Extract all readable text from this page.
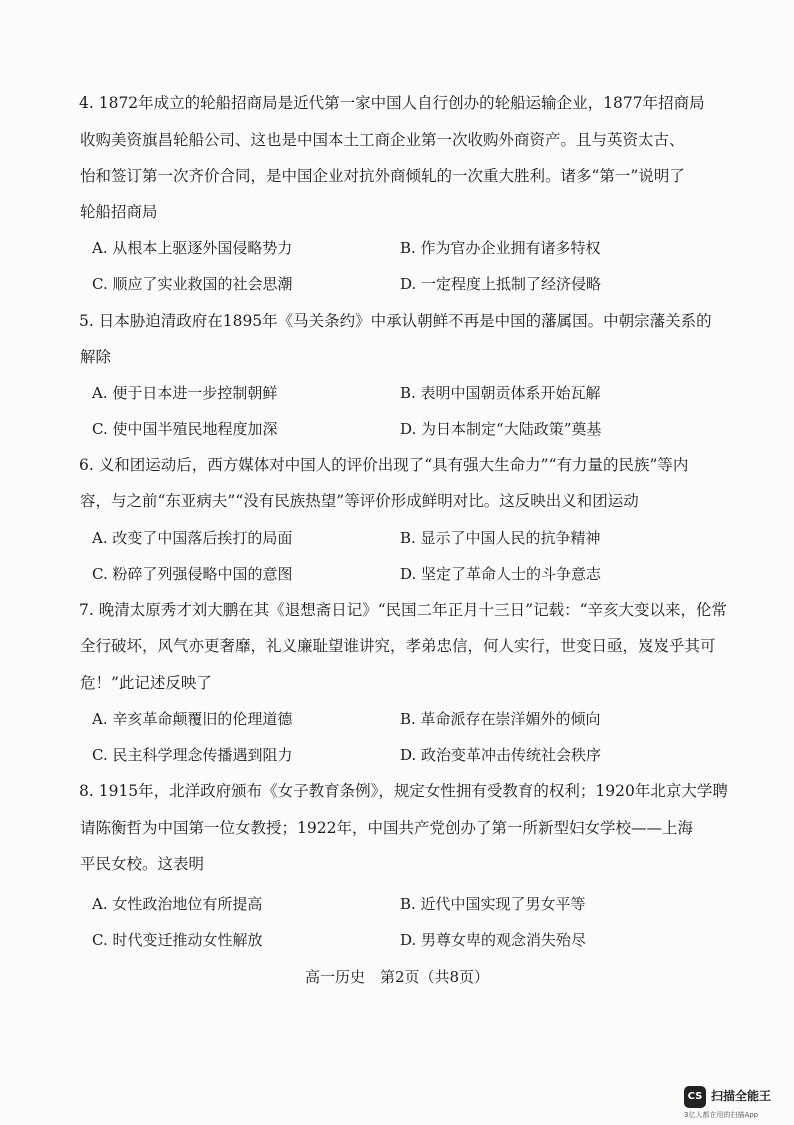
4. 1872年成立的轮船招商局是近代第一家中国人自行创办的轮船运输企业，1877年招商局
收购美资旗昌轮船公司、这也是中国本土工商企业第一次收购外商资产。且与英资太古、
怡和签订第一次齐价合同，是中国企业对抗外商倾轧的一次重大胜利。诸多“第一”说明了
轮船招商局
A. 从根本上驱逐外国侵略势力	B. 作为官办企业拥有诸多特权
C. 顺应了实业救国的社会思潮	D. 一定程度上抵制了经济侵略
5. 日本胁迫清政府在1895年《马关条约》中承认朝鲜不再是中国的藩属国。中朝宗藩关系的
解除
A. 便于日本进一步控制朝鲜	B. 表明中国朝贡体系开始瓦解
C. 使中国半殖民地程度加深	D. 为日本制定“大陆政策”奠基
6. 义和团运动后，西方媒体对中国人的评价出现了“具有强大生命力”“有力量的民族”等内
容，与之前“东亚病夫”“没有民族热望”等评价形成鲜明对比。这反映出义和团运动
A. 改变了中国落后挨打的局面	B. 显示了中国人民的抗争精神
C. 粉碎了列强侵略中国的意图	D. 坚定了革命人士的斗争意志
7. 晚清太原秀才刘大鹏在其《退想斋日记》“民国二年正月十三日”记载：“辛亥大变以来，伦常
全行破坏，风气亦更奢靡，礼义廉耻望谁讲究，孝弟忠信，何人实行，世变日亟，岌岌乎其可
危！”此记述反映了
A. 辛亥革命颠覆旧的伦理道德	B. 革命派存在崇洋媚外的倾向
C. 民主科学理念传播遇到阻力	D. 政治变革冲击传统社会秩序
8. 1915年，北洋政府颁布《女子教育条例》，规定女性拥有受教育的权利；1920年北京大学聘
请陈衡哲为中国第一位女教授；1922年，中国共产党创办了第一所新型妇女学校——上海
平民女校。这表明
A. 女性政治地位有所提高	B. 近代中国实现了男女平等
C. 时代变迁推动女性解放	D. 男尊女卑的观念消失殆尽
高一历史　第2页（共8页）
CS 扫描全能王
3亿人都在用的扫描App
